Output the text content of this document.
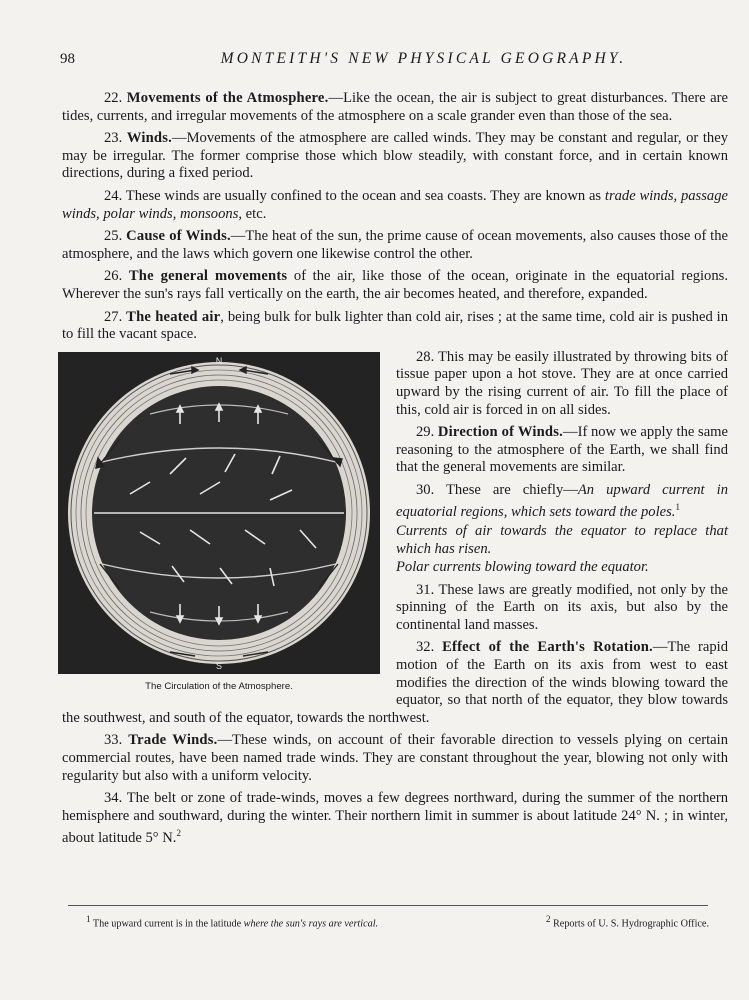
98	MONTEITH'S NEW PHYSICAL GEOGRAPHY.

22. Movements of the Atmosphere.—Like the ocean, the air is subject to great disturbances. There are tides, currents, and irregular movements of the atmosphere on a scale grander even than those of the sea.

23. Winds.—Movements of the atmosphere are called winds. They may be constant and regular, or they may be irregular. The former comprise those which blow steadily, with constant force, and in certain known directions, during a fixed period.

24. These winds are usually confined to the ocean and sea coasts. They are known as trade winds, passage winds, polar winds, monsoons, etc.

25. Cause of Winds.—The heat of the sun, the prime cause of ocean movements, also causes those of the atmosphere, and the laws which govern one likewise control the other.

26. The general movements of the air, like those of the ocean, originate in the equatorial regions. Wherever the sun's rays fall vertically on the earth, the air becomes heated, and therefore, expanded.

27. The heated air, being bulk for bulk lighter than cold air, rises ; at the same time, cold air is pushed in to fill the vacant space.

N
S
The Circulation of the Atmosphere.

28. This may be easily illustrated by throwing bits of tissue paper upon a hot stove. They are at once carried upward by the rising current of air. To fill the place of this, cold air is forced in on all sides.

29. Direction of Winds.—If now we apply the same reasoning to the atmosphere of the Earth, we shall find that the general movements are similar.

30. These are chiefly—An upward current in equatorial regions, which sets toward the poles.$^1$

Currents of air towards the equator to replace that which has risen.

Polar currents blowing toward the equator.

31. These laws are greatly modified, not only by the spinning of the Earth on its axis, but also by the continental land masses.

32. Effect of the Earth's Rotation.—The rapid motion of the Earth on its axis from west to east modifies the direction of the winds blowing toward the equator, so that north of the equator, they blow towards the southwest, and south of the equator, towards the northwest.

33. Trade Winds.—These winds, on account of their favorable direction to vessels plying on certain commercial routes, have been named trade winds. They are constant throughout the year, blowing not only with regularity but also with a uniform velocity.

34. The belt or zone of trade-winds, moves a few degrees northward, during the summer of the northern hemisphere and southward, during the winter. Their northern limit in summer is about latitude 24° N. ; in winter, about latitude 5° N.$^2$

$^1$ The upward current is in the latitude where the sun's rays are vertical.	$^2$ Reports of U. S. Hydrographic Office.
